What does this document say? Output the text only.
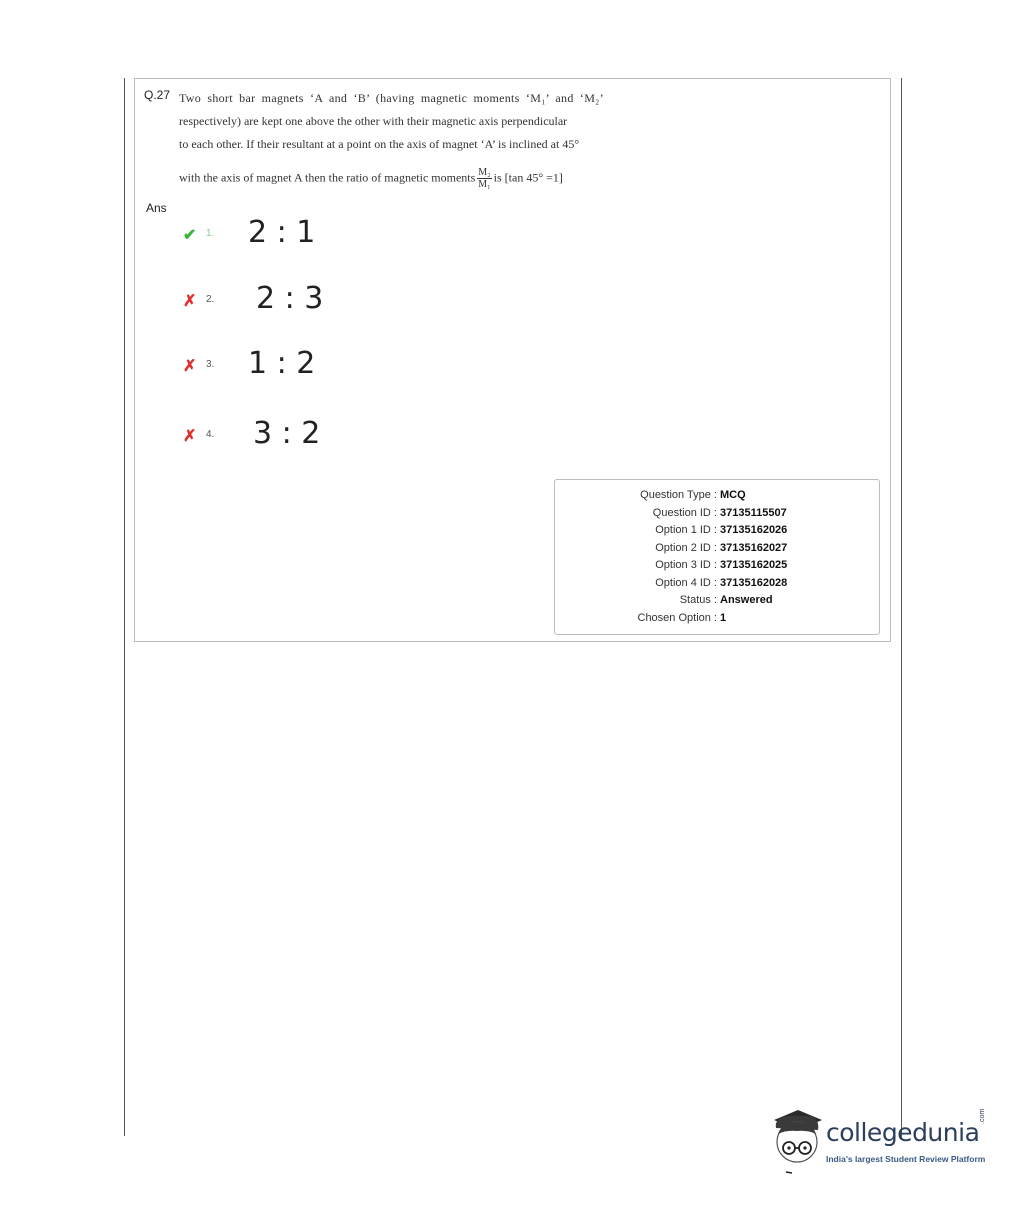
Q.27 Two short bar magnets ‘A and ‘B’ (having magnetic moments ‘M₁’ and ‘M₂’
respectively) are kept one above the other with their magnetic axis perpendicular
to each other. If their resultant at a point on the axis of magnet ‘A’ is inclined at 45°
with the axis of magnet A then the ratio of magnetic moments $\frac{\text{M₂}}{\text{M₁}}$ is [tan 45° =1]
Ans
✔ 1. 2 : 1
✗ 2. 2 : 3
✗ 3. 1 : 2
✗ 4. 3 : 2
Question Type : MCQ
Question ID : 37135115507
Option 1 ID : 37135162026
Option 2 ID : 37135162027
Option 3 ID : 37135162025
Option 4 ID : 37135162028
Status : Answered
Chosen Option : 1
collegedunia
.com
India's largest Student Review Platform
